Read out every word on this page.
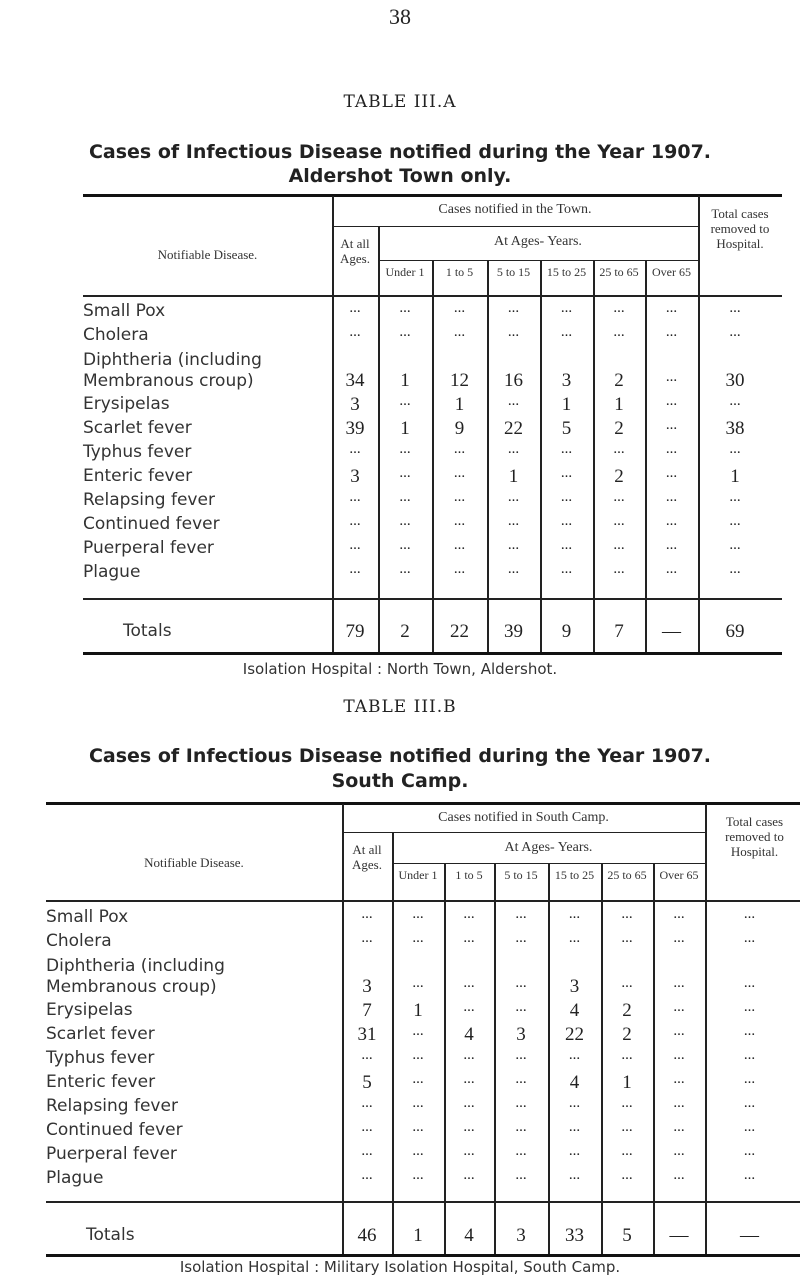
38
TABLE III.A
Cases of Infectious Disease notified during the Year 1907.
Aldershot Town only.
Notifiable Disease.
Cases notified in the Town.
At all Ages.
At Ages- Years.
Under 1	1 to 5	5 to 15	15 to 25	25 to 65	Over 65
Total cases removed to Hospital.
Small Pox	...	...	...	...	...	...	...	...
Cholera	...	...	...	...	...	...	...	...
Diphtheria (including Membranous croup)	34	1	12	16	3	2	...	30
Erysipelas	3	...	1	...	1	1	...	...
Scarlet fever	39	1	9	22	5	2	...	38
Typhus fever	...	...	...	...	...	...	...	...
Enteric fever	3	...	...	1	...	2	...	1
Relapsing fever	...	...	...	...	...	...	...	...
Continued fever	...	...	...	...	...	...	...	...
Puerperal fever	...	...	...	...	...	...	...	...
Plague	...	...	...	...	...	...	...	...
Totals	79	2	22	39	9	7	—	69
Isolation Hospital : North Town, Aldershot.
TABLE III.B
Cases of Infectious Disease notified during the Year 1907.
South Camp.
Notifiable Disease.
Cases notified in South Camp.
At all Ages.
At Ages- Years.
Under 1	1 to 5	5 to 15	15 to 25	25 to 65	Over 65
Total cases removed to Hospital.
Small Pox	...	...	...	...	...	...	...	...
Cholera	...	...	...	...	...	...	...	...
Diphtheria (including Membranous croup)	3	...	...	...	3	...	...	...
Erysipelas	7	1	...	...	4	2	...	...
Scarlet fever	31	...	4	3	22	2	...	...
Typhus fever	...	...	...	...	...	...	...	...
Enteric fever	5	...	...	...	4	1	...	...
Relapsing fever	...	...	...	...	...	...	...	...
Continued fever	...	...	...	...	...	...	...	...
Puerperal fever	...	...	...	...	...	...	...	...
Plague	...	...	...	...	...	...	...	...
Totals	46	1	4	3	33	5	—	—
Isolation Hospital : Military Isolation Hospital, South Camp.
